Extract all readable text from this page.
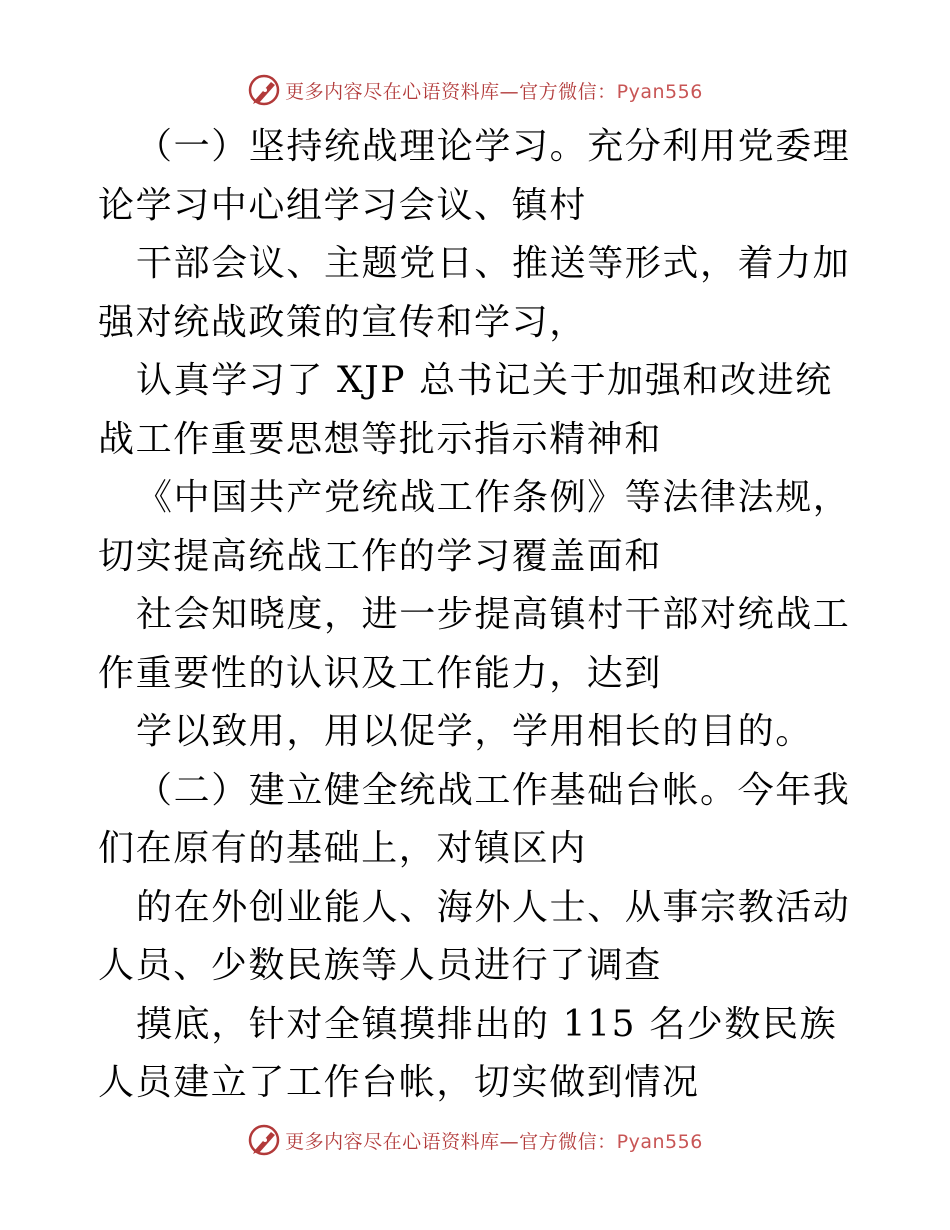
更多内容尽在心语资料库—官方微信：Pyan556

（一）坚持统战理论学习。充分利用党委理论学习中心组学习会议、镇村

干部会议、主题党日、推送等形式，着力加强对统战政策的宣传和学习，

认真学习了 XJP 总书记关于加强和改进统战工作重要思想等批示指示精神和

《中国共产党统战工作条例》等法律法规，切实提高统战工作的学习覆盖面和

社会知晓度，进一步提高镇村干部对统战工作重要性的认识及工作能力，达到

学以致用，用以促学，学用相长的目的。

（二）建立健全统战工作基础台帐。今年我们在原有的基础上，对镇区内

的在外创业能人、海外人士、从事宗教活动人员、少数民族等人员进行了调查

摸底，针对全镇摸排出的 115 名少数民族人员建立了工作台帐，切实做到情况

更多内容尽在心语资料库—官方微信：Pyan556
